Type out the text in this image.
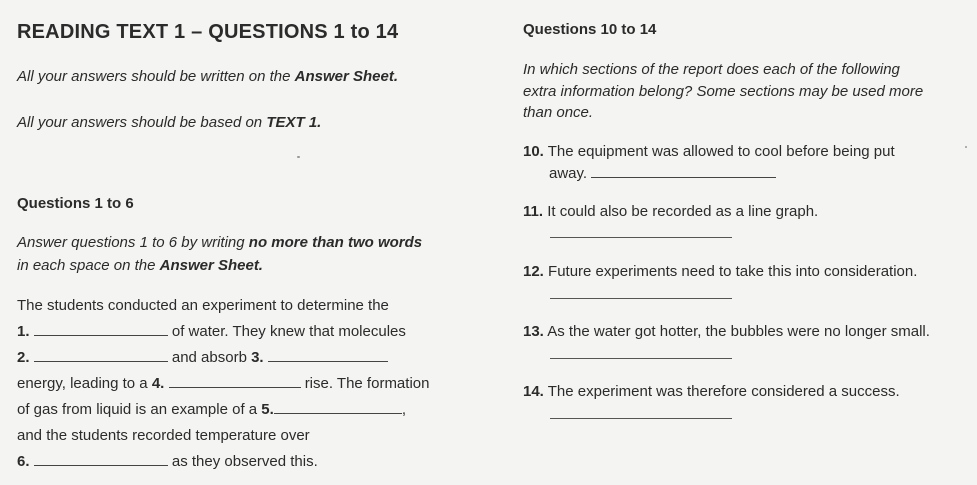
READING TEXT 1 – QUESTIONS 1 to 14
All your answers should be written on the Answer Sheet.
All your answers should be based on TEXT 1.
Questions 1 to 6
Answer questions 1 to 6 by writing no more than two words
in each space on the Answer Sheet.
The students conducted an experiment to determine the
1.	of water. They knew that molecules
2.	and absorb 3.
energy, leading to a 4.	rise. The formation
of gas from liquid is an example of a 5.	,
and the students recorded temperature over
6.	as they observed this.
Questions 10 to 14
In which sections of the report does each of the following
extra information belong? Some sections may be used more
than once.
10. The equipment was allowed to cool before being put
away.
11. It could also be recorded as a line graph.
12. Future experiments need to take this into consideration.
13. As the water got hotter, the bubbles were no longer small.
14. The experiment was therefore considered a success.
